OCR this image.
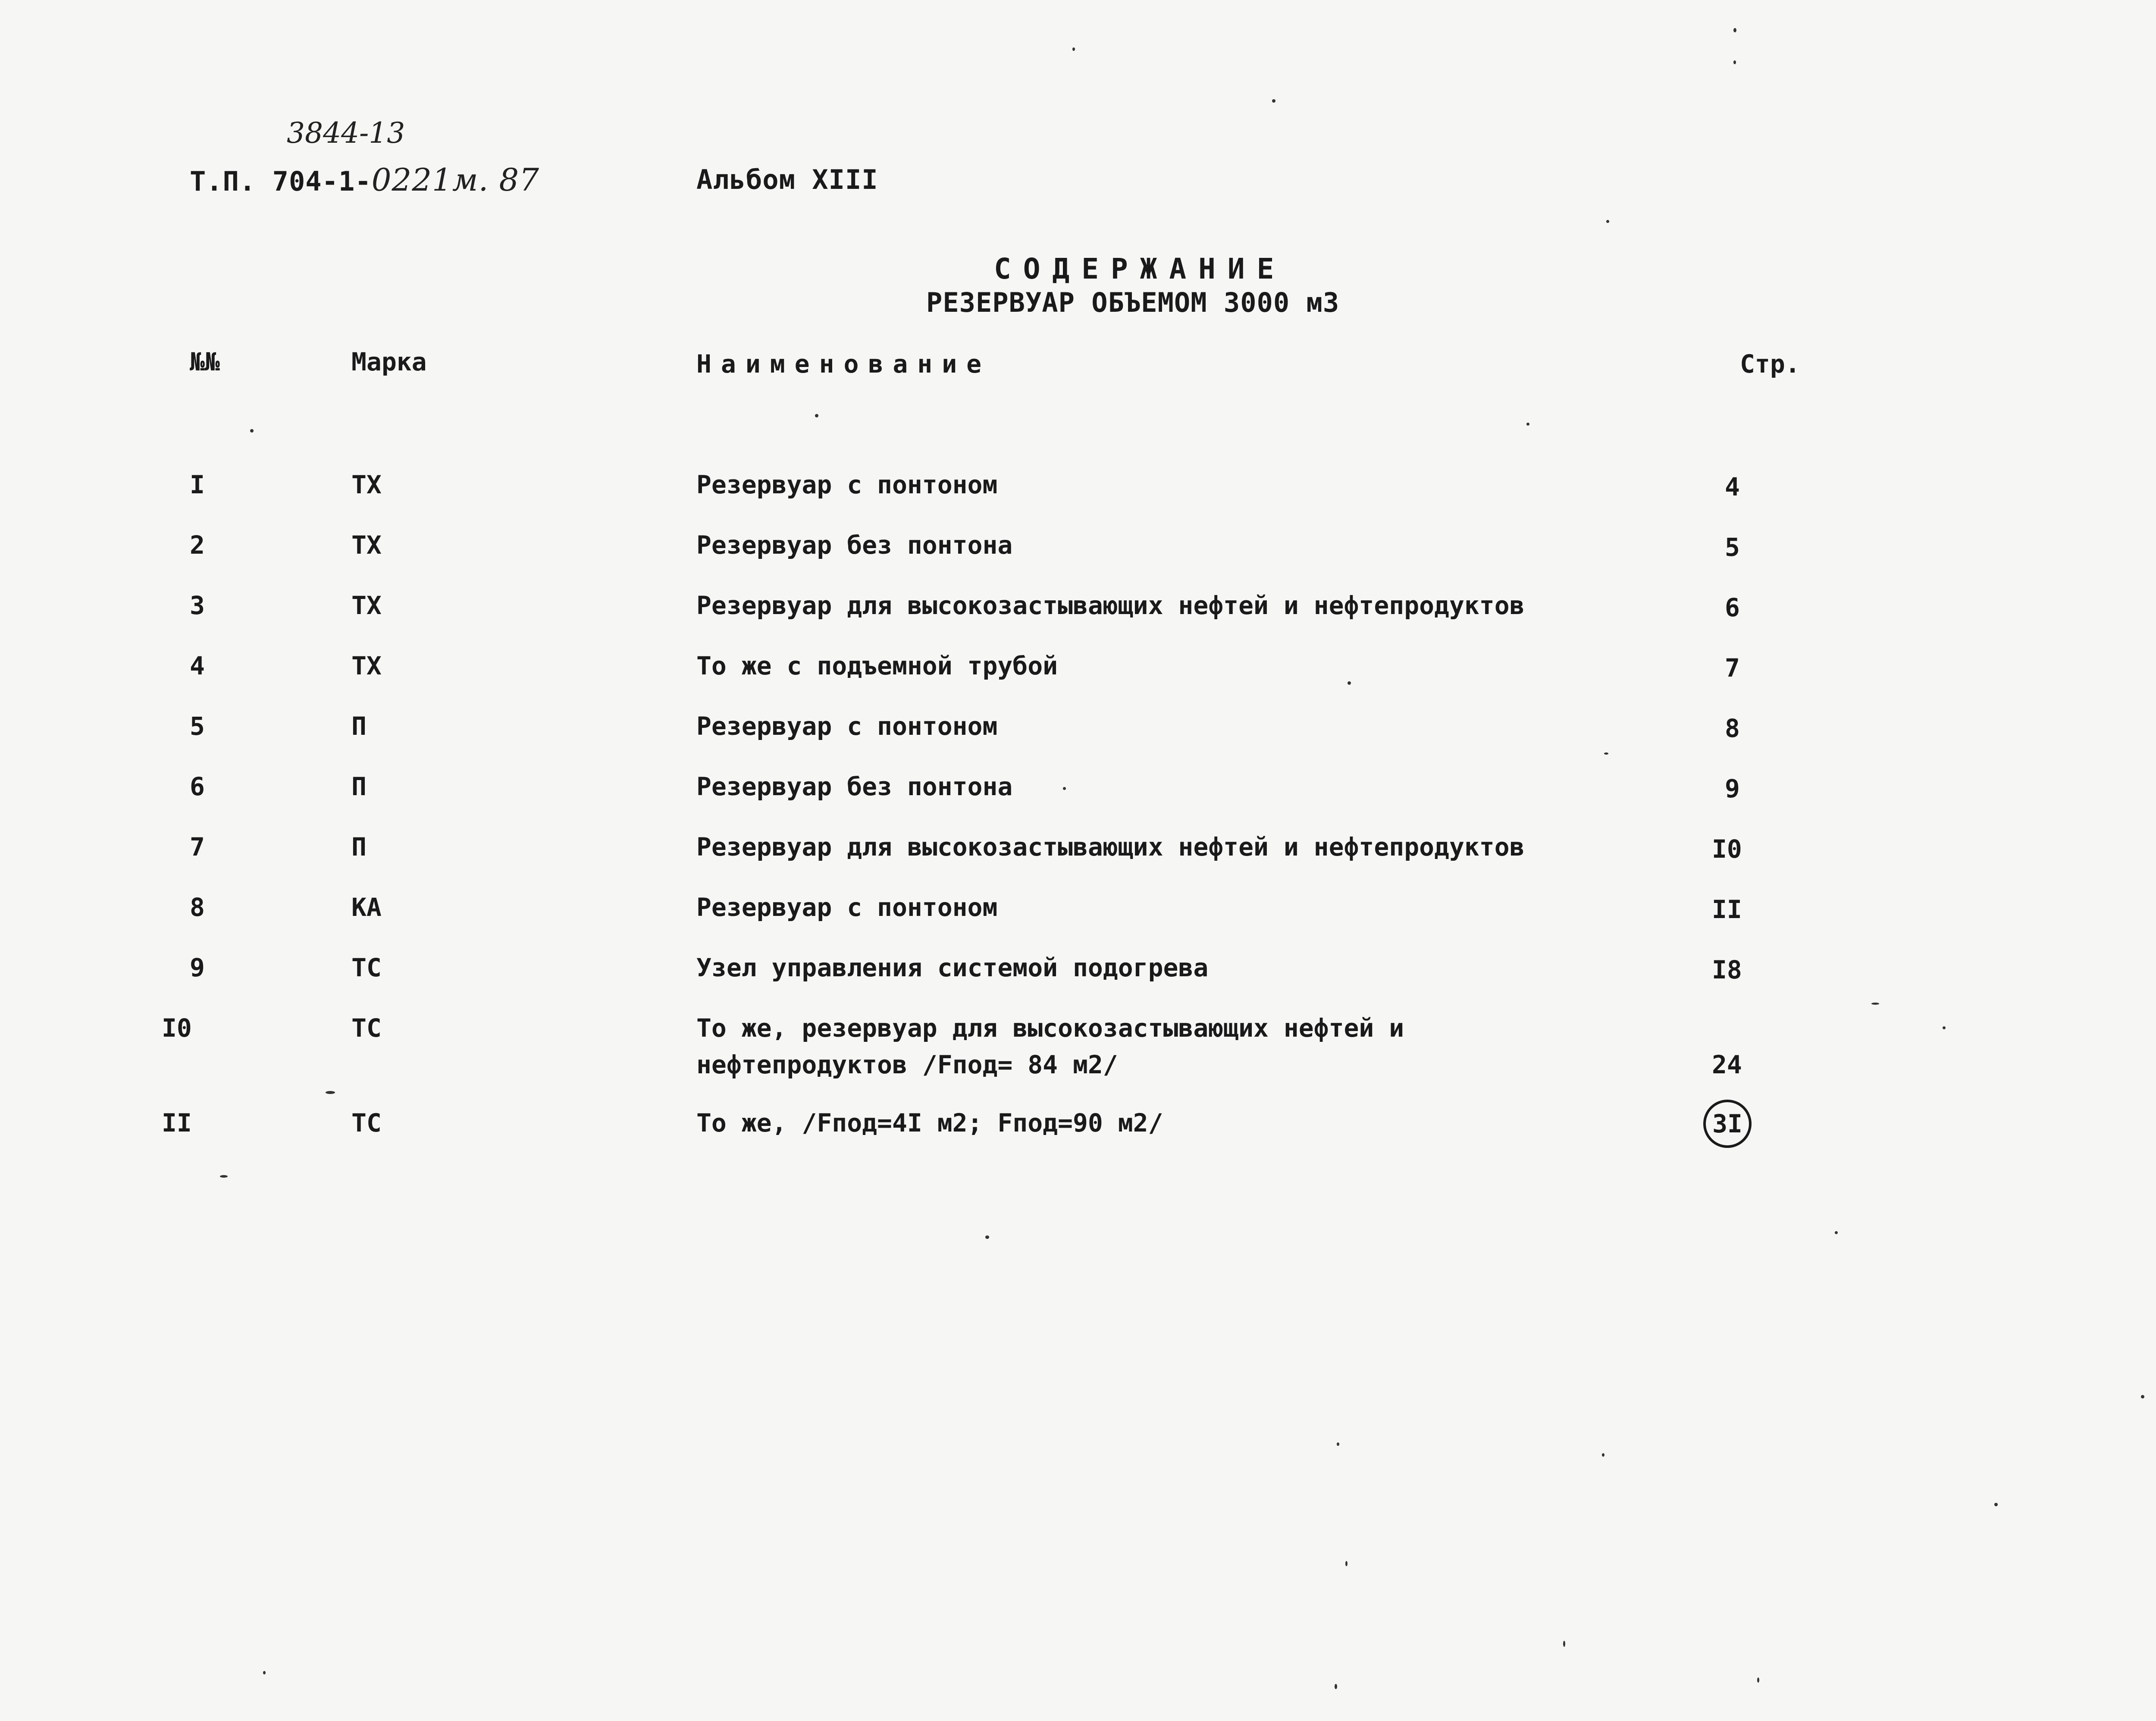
3844-13
Т.П. 704-1-0221м. 87	Альбом XIII
СОДЕРЖАНИЕ
РЕЗЕРВУАР ОБЪЕМОМ 3000 м3
№№	Марка	Наименование	Стр.
I	ТХ	Резервуар с понтоном	4
2	ТХ	Резервуар без понтона	5
3	ТХ	Резервуар для высокозастывающих нефтей и нефтепродуктов	6
4	ТХ	То же с подъемной трубой	7
5	П	Резервуар с понтоном	8
6	П	Резервуар без понтона	9
7	П	Резервуар для высокозастывающих нефтей и нефтепродуктов	I0
8	КА	Резервуар с понтоном	II
9	ТС	Узел управления системой подогрева	I8
I0	ТС	То же, резервуар для высокозастывающих нефтей и
нефтепродуктов /Fпод= 84 м2/	24
II	ТС	То же, /Fпод=4I м2; Fпод=90 м2/	3I
